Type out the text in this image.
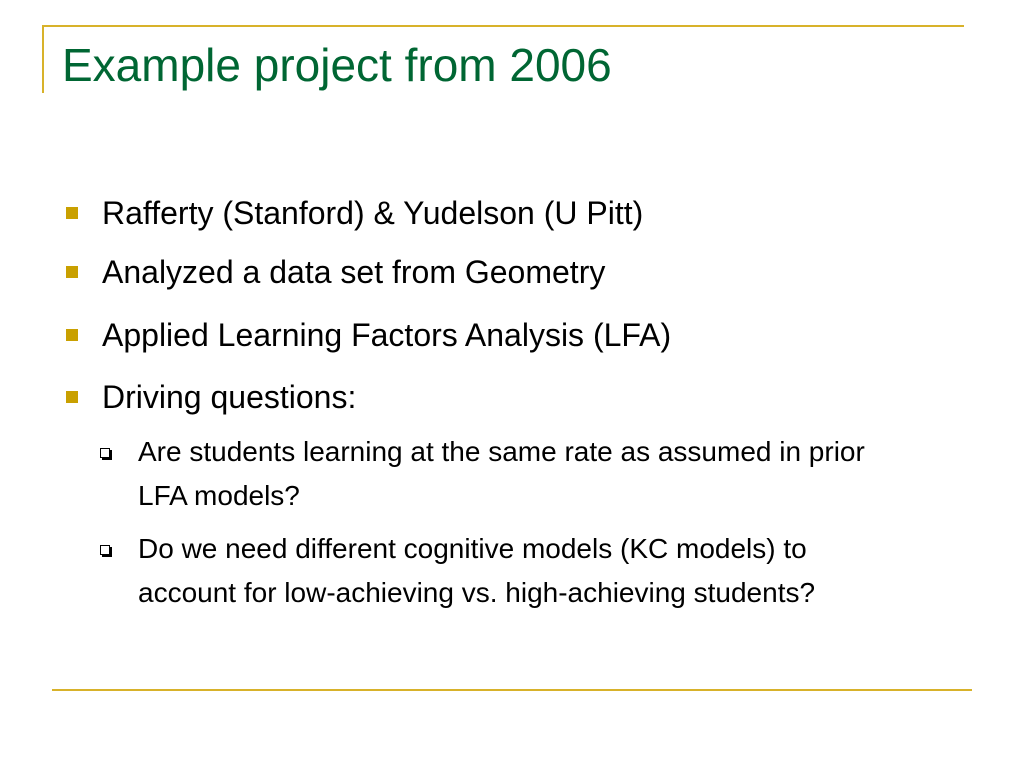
Example project from 2006
Rafferty (Stanford) & Yudelson (U Pitt)
Analyzed a data set from Geometry
Applied Learning Factors Analysis (LFA)
Driving questions:
Are students learning at the same rate as assumed in prior LFA models?
Do we need different cognitive models (KC models) to account for low-achieving vs. high-achieving students?
